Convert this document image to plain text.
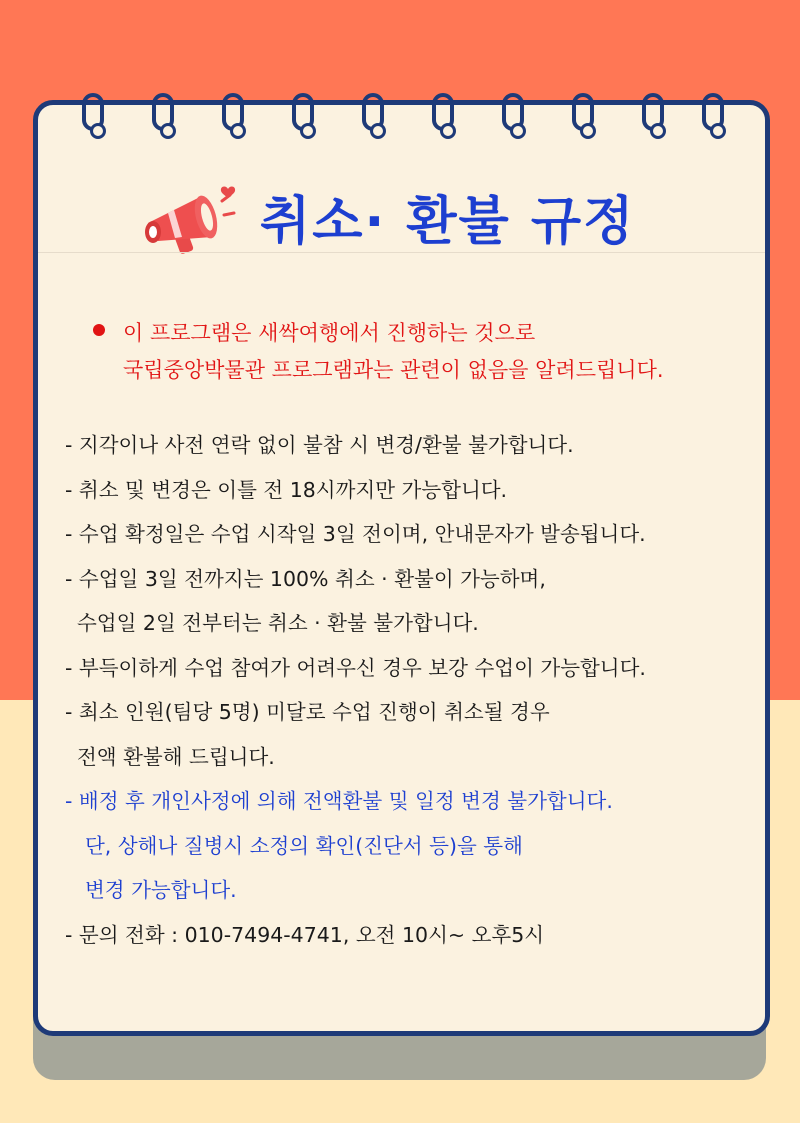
취소· 환불 규정
이 프로그램은 새싹여행에서 진행하는 것으로
국립중앙박물관 프로그램과는 관련이 없음을 알려드립니다.
- 지각이나 사전 연락 없이 불참 시 변경/환불 불가합니다.
- 취소 및 변경은 이틀 전 18시까지만 가능합니다.
- 수업 확정일은 수업 시작일 3일 전이며, 안내문자가 발송됩니다.
- 수업일 3일 전까지는 100% 취소 · 환불이 가능하며,
수업일 2일 전부터는 취소 · 환불 불가합니다.
- 부득이하게 수업 참여가 어려우신 경우 보강 수업이 가능합니다.
- 최소 인원(팀당 5명) 미달로 수업 진행이 취소될 경우
전액 환불해 드립니다.
- 배정 후 개인사정에 의해 전액환불 및 일정 변경 불가합니다.
단, 상해나 질병시 소정의 확인(진단서 등)을 통해
변경 가능합니다.
- 문의 전화 : 010-7494-4741, 오전 10시~ 오후5시
